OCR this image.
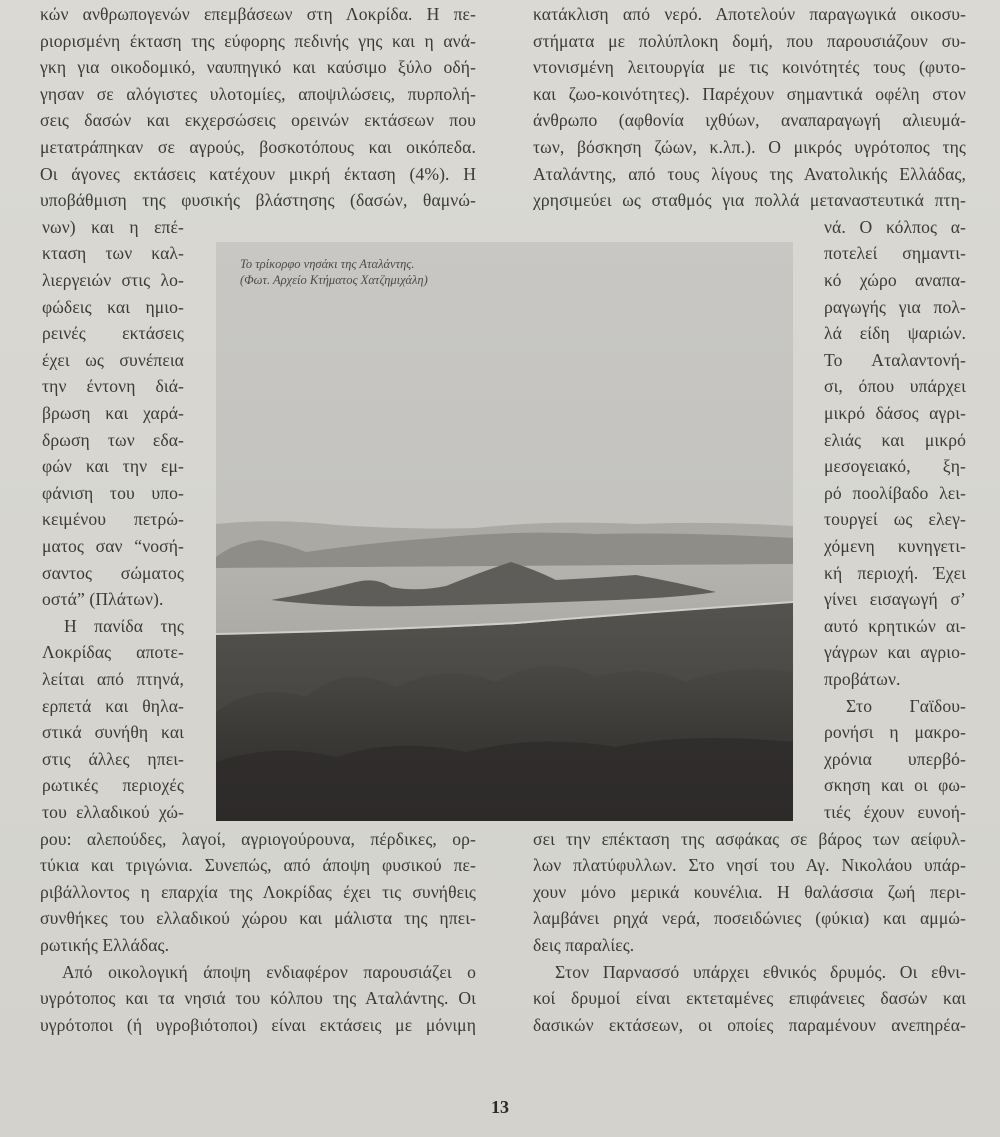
κών ανθρωπογενών επεμβάσεων στη Λοκρίδα. Η πε-
ριορισμένη έκταση της εύφορης πεδινής γης και η ανά-
γκη για οικοδομικό, ναυπηγικό και καύσιμο ξύλο οδή-
γησαν σε αλόγιστες υλοτομίες, αποψιλώσεις, πυρπολή-
σεις δασών και εκχερσώσεις ορεινών εκτάσεων που
μετατράπηκαν σε αγρούς, βοσκοτόπους και οικόπεδα.
Οι άγονες εκτάσεις κατέχουν μικρή έκταση (4%). Η
υποβάθμιση της φυσικής βλάστησης (δασών, θαμνώ-
νων) και η επέ-
κταση των καλ-
λιεργειών στις λο-
φώδεις και ημιο-
ρεινές εκτάσεις
έχει ως συνέπεια
την έντονη διά-
βρωση και χαρά-
δρωση των εδα-
φών και την εμ-
φάνιση του υπο-
κειμένου πετρώ-
ματος σαν “νοσή-
σαντος σώματος
οστά” (Πλάτων).
Η πανίδα της
Λοκρίδας αποτε-
λείται από πτηνά,
ερπετά και θηλα-
στικά συνήθη και
στις άλλες ηπει-
ρωτικές περιοχές
του ελλαδικού χώ-
ρου: αλεπούδες, λαγοί, αγριογούρουνα, πέρδικες, ορ-
τύκια και τριγώνια. Συνεπώς, από άποψη φυσικού πε-
ριβάλλοντος η επαρχία της Λοκρίδας έχει τις συνήθεις
συνθήκες του ελλαδικού χώρου και μάλιστα της ηπει-
ρωτικής Ελλάδας.
Από οικολογική άποψη ενδιαφέρον παρουσιάζει ο
υγρότοπος και τα νησιά του κόλπου της Αταλάντης. Οι
υγρότοποι (ή υγροβιότοποι) είναι εκτάσεις με μόνιμη
κατάκλιση από νερό. Αποτελούν παραγωγικά οικοσυ-
στήματα με πολύπλοκη δομή, που παρουσιάζουν συ-
ντονισμένη λειτουργία με τις κοινότητές τους (φυτο-
και ζωο-κοινότητες). Παρέχουν σημαντικά οφέλη στον
άνθρωπο (αφθονία ιχθύων, αναπαραγωγή αλιευμά-
των, βόσκηση ζώων, κ.λπ.). Ο μικρός υγρότοπος της
Αταλάντης, από τους λίγους της Ανατολικής Ελλάδας,
χρησιμεύει ως σταθμός για πολλά μεταναστευτικά πτη-
νά. Ο κόλπος α-
ποτελεί σημαντι-
κό χώρο αναπα-
ραγωγής για πολ-
λά είδη ψαριών.
Το Αταλαντονή-
σι, όπου υπάρχει
μικρό δάσος αγρι-
ελιάς και μικρό
μεσογειακό, ξη-
ρό ποολίβαδο λει-
τουργεί ως ελεγ-
χόμενη κυνηγετι-
κή περιοχή. Έχει
γίνει εισαγωγή σ’
αυτό κρητικών αι-
γάγρων και αγριο-
προβάτων.
Στο Γαϊδου-
ρονήσι η μακρο-
χρόνια υπερβό-
σκηση και οι φω-
τιές έχουν ευνοή-
σει την επέκταση της ασφάκας σε βάρος των αείφυλ-
λων πλατύφυλλων. Στο νησί του Αγ. Νικολάου υπάρ-
χουν μόνο μερικά κουνέλια. Η θαλάσσια ζωή περι-
λαμβάνει ρηχά νερά, ποσειδώνιες (φύκια) και αμμώ-
δεις παραλίες.
Στον Παρνασσό υπάρχει εθνικός δρυμός. Οι εθνι-
κοί δρυμοί είναι εκτεταμένες επιφάνειες δασών και
δασικών εκτάσεων, οι οποίες παραμένουν ανεπηρέα-
Το τρίκορφο νησάκι της Αταλάντης.
(Φωτ. Αρχείο Κτήματος Χατζημιχάλη)
13
